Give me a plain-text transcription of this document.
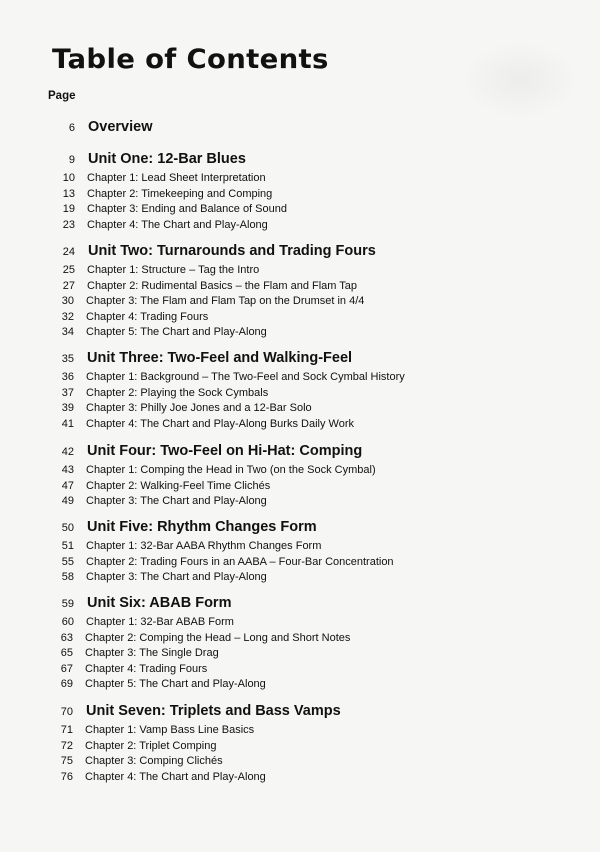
Table of Contents
Page
6 Overview
9 Unit One: 12-Bar Blues
10 Chapter 1: Lead Sheet Interpretation
13 Chapter 2: Timekeeping and Comping
19 Chapter 3: Ending and Balance of Sound
23 Chapter 4: The Chart and Play-Along
24 Unit Two: Turnarounds and Trading Fours
25 Chapter 1: Structure – Tag the Intro
27 Chapter 2: Rudimental Basics – the Flam and Flam Tap
30 Chapter 3: The Flam and Flam Tap on the Drumset in 4/4
32 Chapter 4: Trading Fours
34 Chapter 5: The Chart and Play-Along
35 Unit Three: Two-Feel and Walking-Feel
36 Chapter 1: Background – The Two-Feel and Sock Cymbal History
37 Chapter 2: Playing the Sock Cymbals
39 Chapter 3: Philly Joe Jones and a 12-Bar Solo
41 Chapter 4: The Chart and Play-Along Burks Daily Work
42 Unit Four: Two-Feel on Hi-Hat: Comping
43 Chapter 1: Comping the Head in Two (on the Sock Cymbal)
47 Chapter 2: Walking-Feel Time Clichés
49 Chapter 3: The Chart and Play-Along
50 Unit Five: Rhythm Changes Form
51 Chapter 1: 32-Bar AABA Rhythm Changes Form
55 Chapter 2: Trading Fours in an AABA – Four-Bar Concentration
58 Chapter 3: The Chart and Play-Along
59 Unit Six: ABAB Form
60 Chapter 1: 32-Bar ABAB Form
63 Chapter 2: Comping the Head – Long and Short Notes
65 Chapter 3: The Single Drag
67 Chapter 4: Trading Fours
69 Chapter 5: The Chart and Play-Along
70 Unit Seven: Triplets and Bass Vamps
71 Chapter 1: Vamp Bass Line Basics
72 Chapter 2: Triplet Comping
75 Chapter 3: Comping Clichés
76 Chapter 4: The Chart and Play-Along
